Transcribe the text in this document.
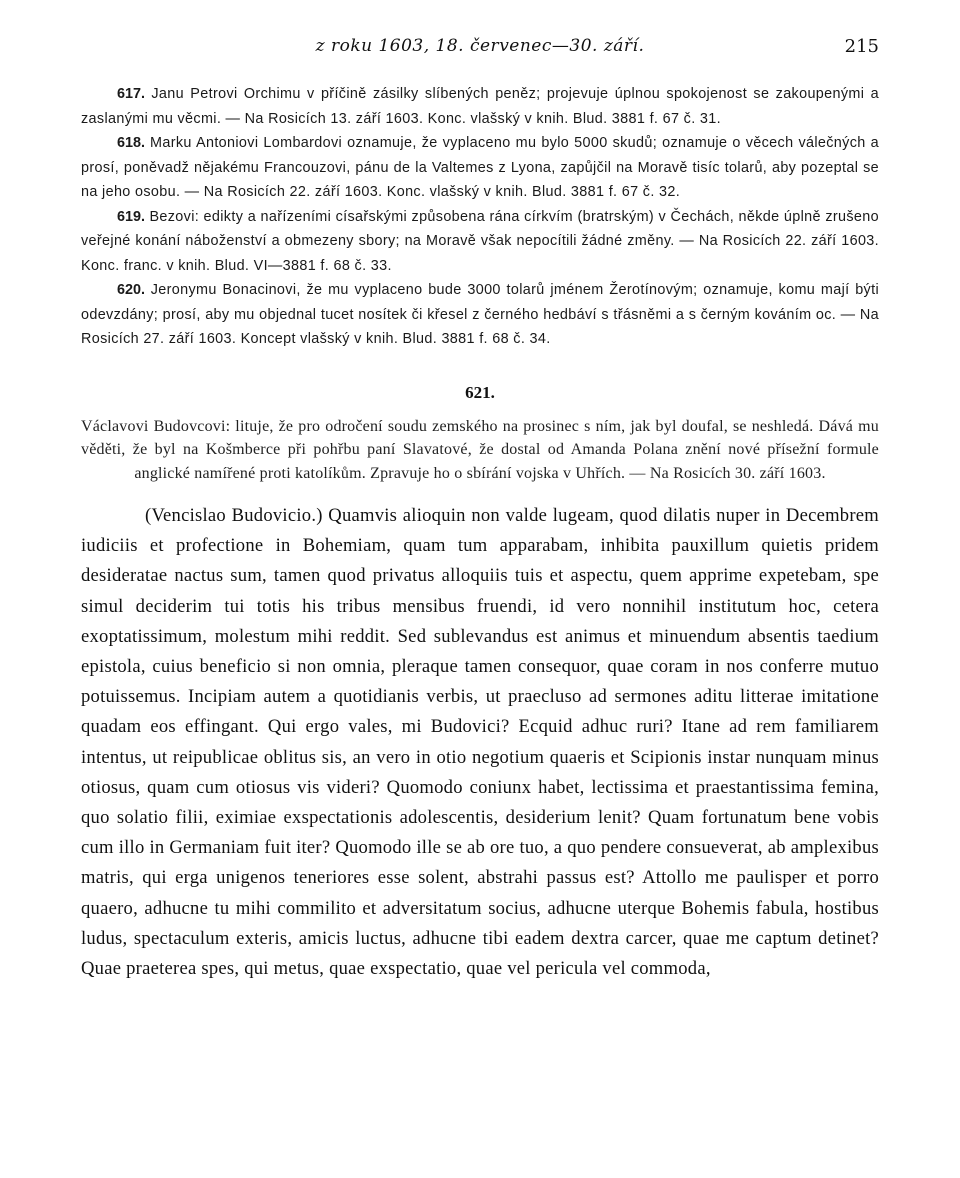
z roku 1603, 18. červenec—30. září.	215

617. Janu Petrovi Orchimu v příčině zásilky slíbených peněz; projevuje úplnou spokojenost se zakoupenými a zaslanými mu věcmi. — Na Rosicích 13. září 1603. Konc. vlašský v knih. Blud. 3881 f. 67 č. 31.

618. Marku Antoniovi Lombardovi oznamuje, že vyplaceno mu bylo 5000 skudů; oznamuje o věcech válečných a prosí, poněvadž nějakému Francouzovi, pánu de la Valtemes z Lyona, zapůjčil na Moravě tisíc tolarů, aby pozeptal se na jeho osobu. — Na Rosicích 22. září 1603. Konc. vlašský v knih. Blud. 3881 f. 67 č. 32.

619. Bezovi: edikty a nařízeními císařskými způsobena rána církvím (bratrským) v Čechách, někde úplně zrušeno veřejné konání náboženství a obmezeny sbory; na Moravě však nepocítili žádné změny. — Na Rosicích 22. září 1603. Konc. franc. v knih. Blud. VI—3881 f. 68 č. 33.

620. Jeronymu Bonacinovi, že mu vyplaceno bude 3000 tolarů jménem Žerotínovým; oznamuje, komu mají býti odevzdány; prosí, aby mu objednal tucet nosítek či křesel z černého hedbáví s třásněmi a s černým kováním oc. — Na Rosicích 27. září 1603. Koncept vlašský v knih. Blud. 3881 f. 68 č. 34.

621.

Václavovi Budovcovi: lituje, že pro odročení soudu zemského na prosinec s ním, jak byl doufal, se neshledá. Dává mu věděti, že byl na Košmberce při pohřbu paní Slavatové, že dostal od Amanda Polana znění nové přísežní formule anglické namířené proti katolíkům. Zpravuje ho o sbírání vojska v Uhřích. — Na Rosicích 30. září 1603.

(Vencislao Budovicio.) Quamvis alioquin non valde lugeam, quod dilatis nuper in Decembrem iudiciis et profectione in Bohemiam, quam tum apparabam, inhibita pauxillum quietis pridem desideratae nactus sum, tamen quod privatus alloquiis tuis et aspectu, quem apprime expetebam, spe simul deciderim tui totis his tribus mensibus fruendi, id vero nonnihil institutum hoc, cetera exoptatissimum, molestum mihi reddit. Sed sublevandus est animus et minuendum absentis taedium epistola, cuius beneficio si non omnia, pleraque tamen consequor, quae coram in nos conferre mutuo potuissemus. Incipiam autem a quotidianis verbis, ut praecluso ad sermones aditu litterae imitatione quadam eos effingant. Qui ergo vales, mi Budovici? Ecquid adhuc ruri? Itane ad rem familiarem intentus, ut reipublicae oblitus sis, an vero in otio negotium quaeris et Scipionis instar nunquam minus otiosus, quam cum otiosus vis videri? Quomodo coniunx habet, lectissima et praestantissima femina, quo solatio filii, eximiae exspectationis adolescentis, desiderium lenit? Quam fortunatum bene vobis cum illo in Germaniam fuit iter? Quomodo ille se ab ore tuo, a quo pendere consueverat, ab amplexibus matris, qui erga unigenos teneriores esse solent, abstrahi passus est? Attollo me paulisper et porro quaero, adhucne tu mihi commilito et adversitatum socius, adhucne uterque Bohemis fabula, hostibus ludus, spectaculum exteris, amicis luctus, adhucne tibi eadem dextra carcer, quae me captum detinet? Quae praeterea spes, qui metus, quae exspectatio, quae vel pericula vel commoda,
